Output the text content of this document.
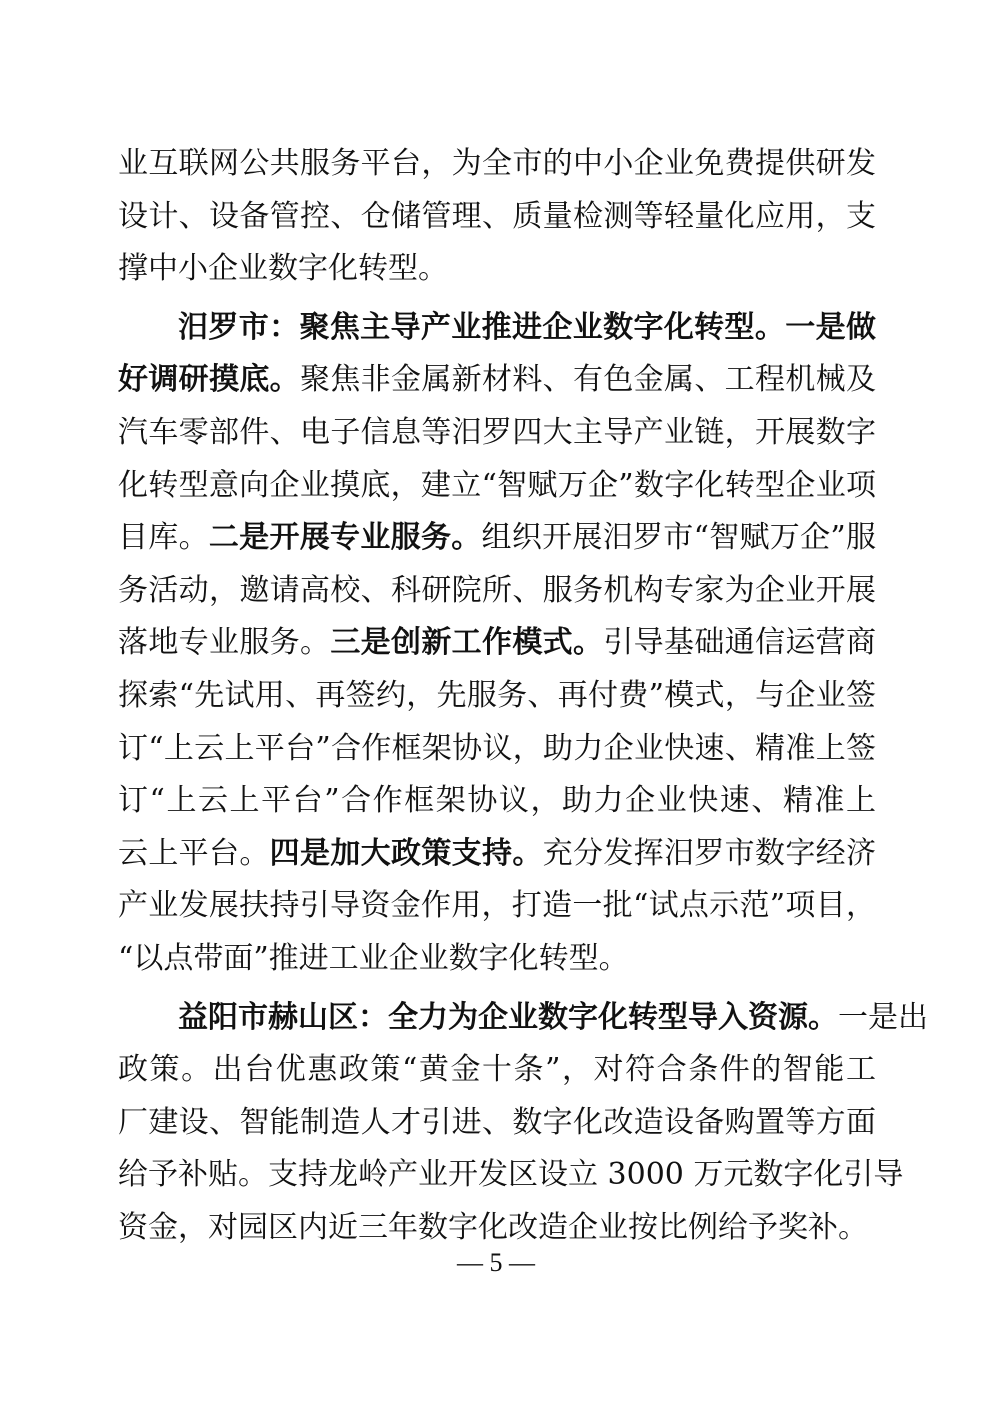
业互联网公共服务平台，为全市的中小企业免费提供研发
设计、设备管控、仓储管理、质量检测等轻量化应用，支
撑中小企业数字化转型。
汨罗市：聚焦主导产业推进企业数字化转型。一是做
好调研摸底。聚焦非金属新材料、有色金属、工程机械及
汽车零部件、电子信息等汨罗四大主导产业链，开展数字
化转型意向企业摸底，建立“智赋万企”数字化转型企业项
目库。二是开展专业服务。组织开展汨罗市“智赋万企”服
务活动，邀请高校、科研院所、服务机构专家为企业开展
落地专业服务。三是创新工作模式。引导基础通信运营商
探索“先试用、再签约，先服务、再付费”模式，与企业签
订“上云上平台”合作框架协议，助力企业快速、精准上签
订“上云上平台”合作框架协议，助力企业快速、精准上
云上平台。四是加大政策支持。充分发挥汨罗市数字经济
产业发展扶持引导资金作用，打造一批“试点示范”项目，
“以点带面”推进工业企业数字化转型。
益阳市赫山区：全力为企业数字化转型导入资源。一是出
政策。出台优惠政策“黄金十条”，对符合条件的智能工
厂建设、智能制造人才引进、数字化改造设备购置等方面
给予补贴。支持龙岭产业开发区设立 3000 万元数字化引导
资金，对园区内近三年数字化改造企业按比例给予奖补。
— 5 —
